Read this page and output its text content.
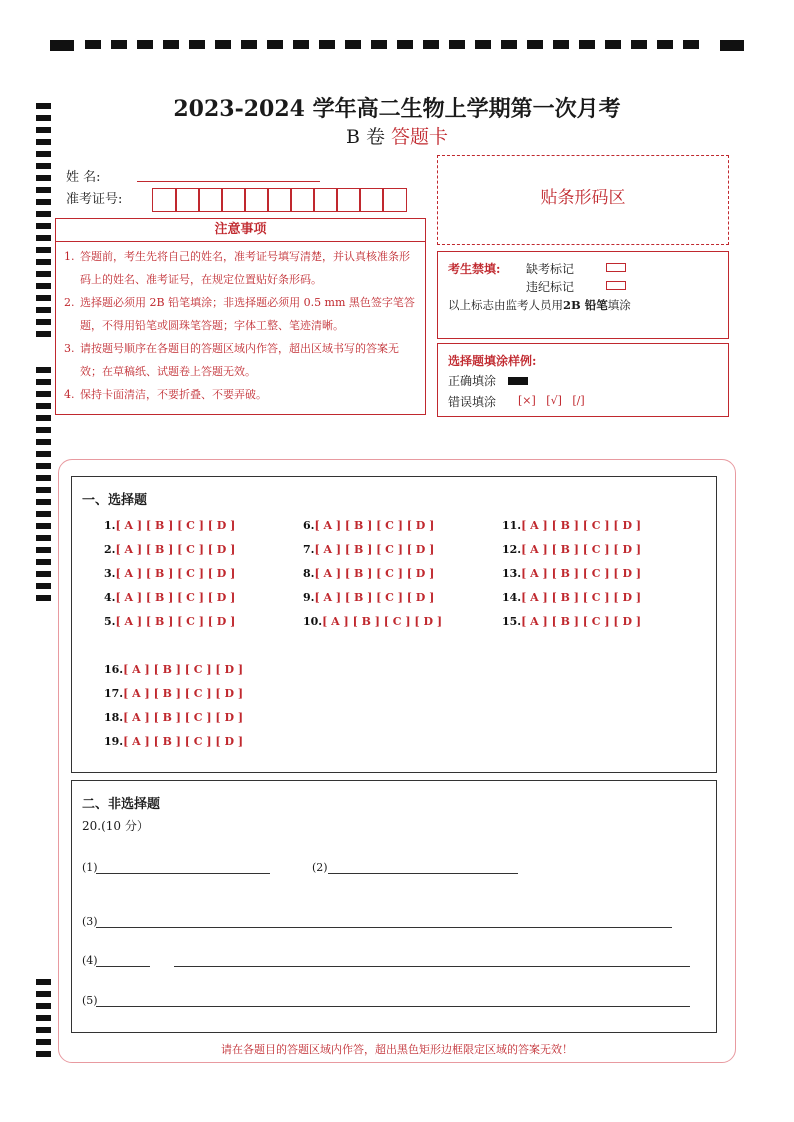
2023-2024 学年高二生物上学期第一次月考
B 卷 答题卡
姓 名:
准考证号:
注意事项
1. 答题前，考生先将自己的姓名，准考证号填写清楚，并认真核准条形码上的姓名、准考证号，在规定位置贴好条形码。
2. 选择题必须用 2B 铅笔填涂；非选择题必须用 0.5 mm 黑色签字笔答题，不得用铅笔或圆珠笔答题；字体工整、笔迹清晰。
3. 请按题号顺序在各题目的答题区域内作答，超出区域书写的答案无效；在草稿纸、试题卷上答题无效。
4. 保持卡面清洁，不要折叠、不要弄破。
贴条形码区
考生禁填: 缺考标记
违纪标记
以上标志由监考人员用2B 铅笔填涂
选择题填涂样例:
正确填涂
错误填涂 [×]   [√]   [/]
一、选择题
1.[ A ] [ B ] [ C ] [ D ]
2.[ A ] [ B ] [ C ] [ D ]
3.[ A ] [ B ] [ C ] [ D ]
4.[ A ] [ B ] [ C ] [ D ]
5.[ A ] [ B ] [ C ] [ D ]
6.[ A ] [ B ] [ C ] [ D ]
7.[ A ] [ B ] [ C ] [ D ]
8.[ A ] [ B ] [ C ] [ D ]
9.[ A ] [ B ] [ C ] [ D ]
10.[ A ] [ B ] [ C ] [ D ]
11.[ A ] [ B ] [ C ] [ D ]
12.[ A ] [ B ] [ C ] [ D ]
13.[ A ] [ B ] [ C ] [ D ]
14.[ A ] [ B ] [ C ] [ D ]
15.[ A ] [ B ] [ C ] [ D ]
16.[ A ] [ B ] [ C ] [ D ]
17.[ A ] [ B ] [ C ] [ D ]
18.[ A ] [ B ] [ C ] [ D ]
19.[ A ] [ B ] [ C ] [ D ]
二、非选择题
20.(10 分）
(1)	(2)
(3)
(4)
(5)
请在各题目的答题区域内作答，超出黑色矩形边框限定区域的答案无效！
